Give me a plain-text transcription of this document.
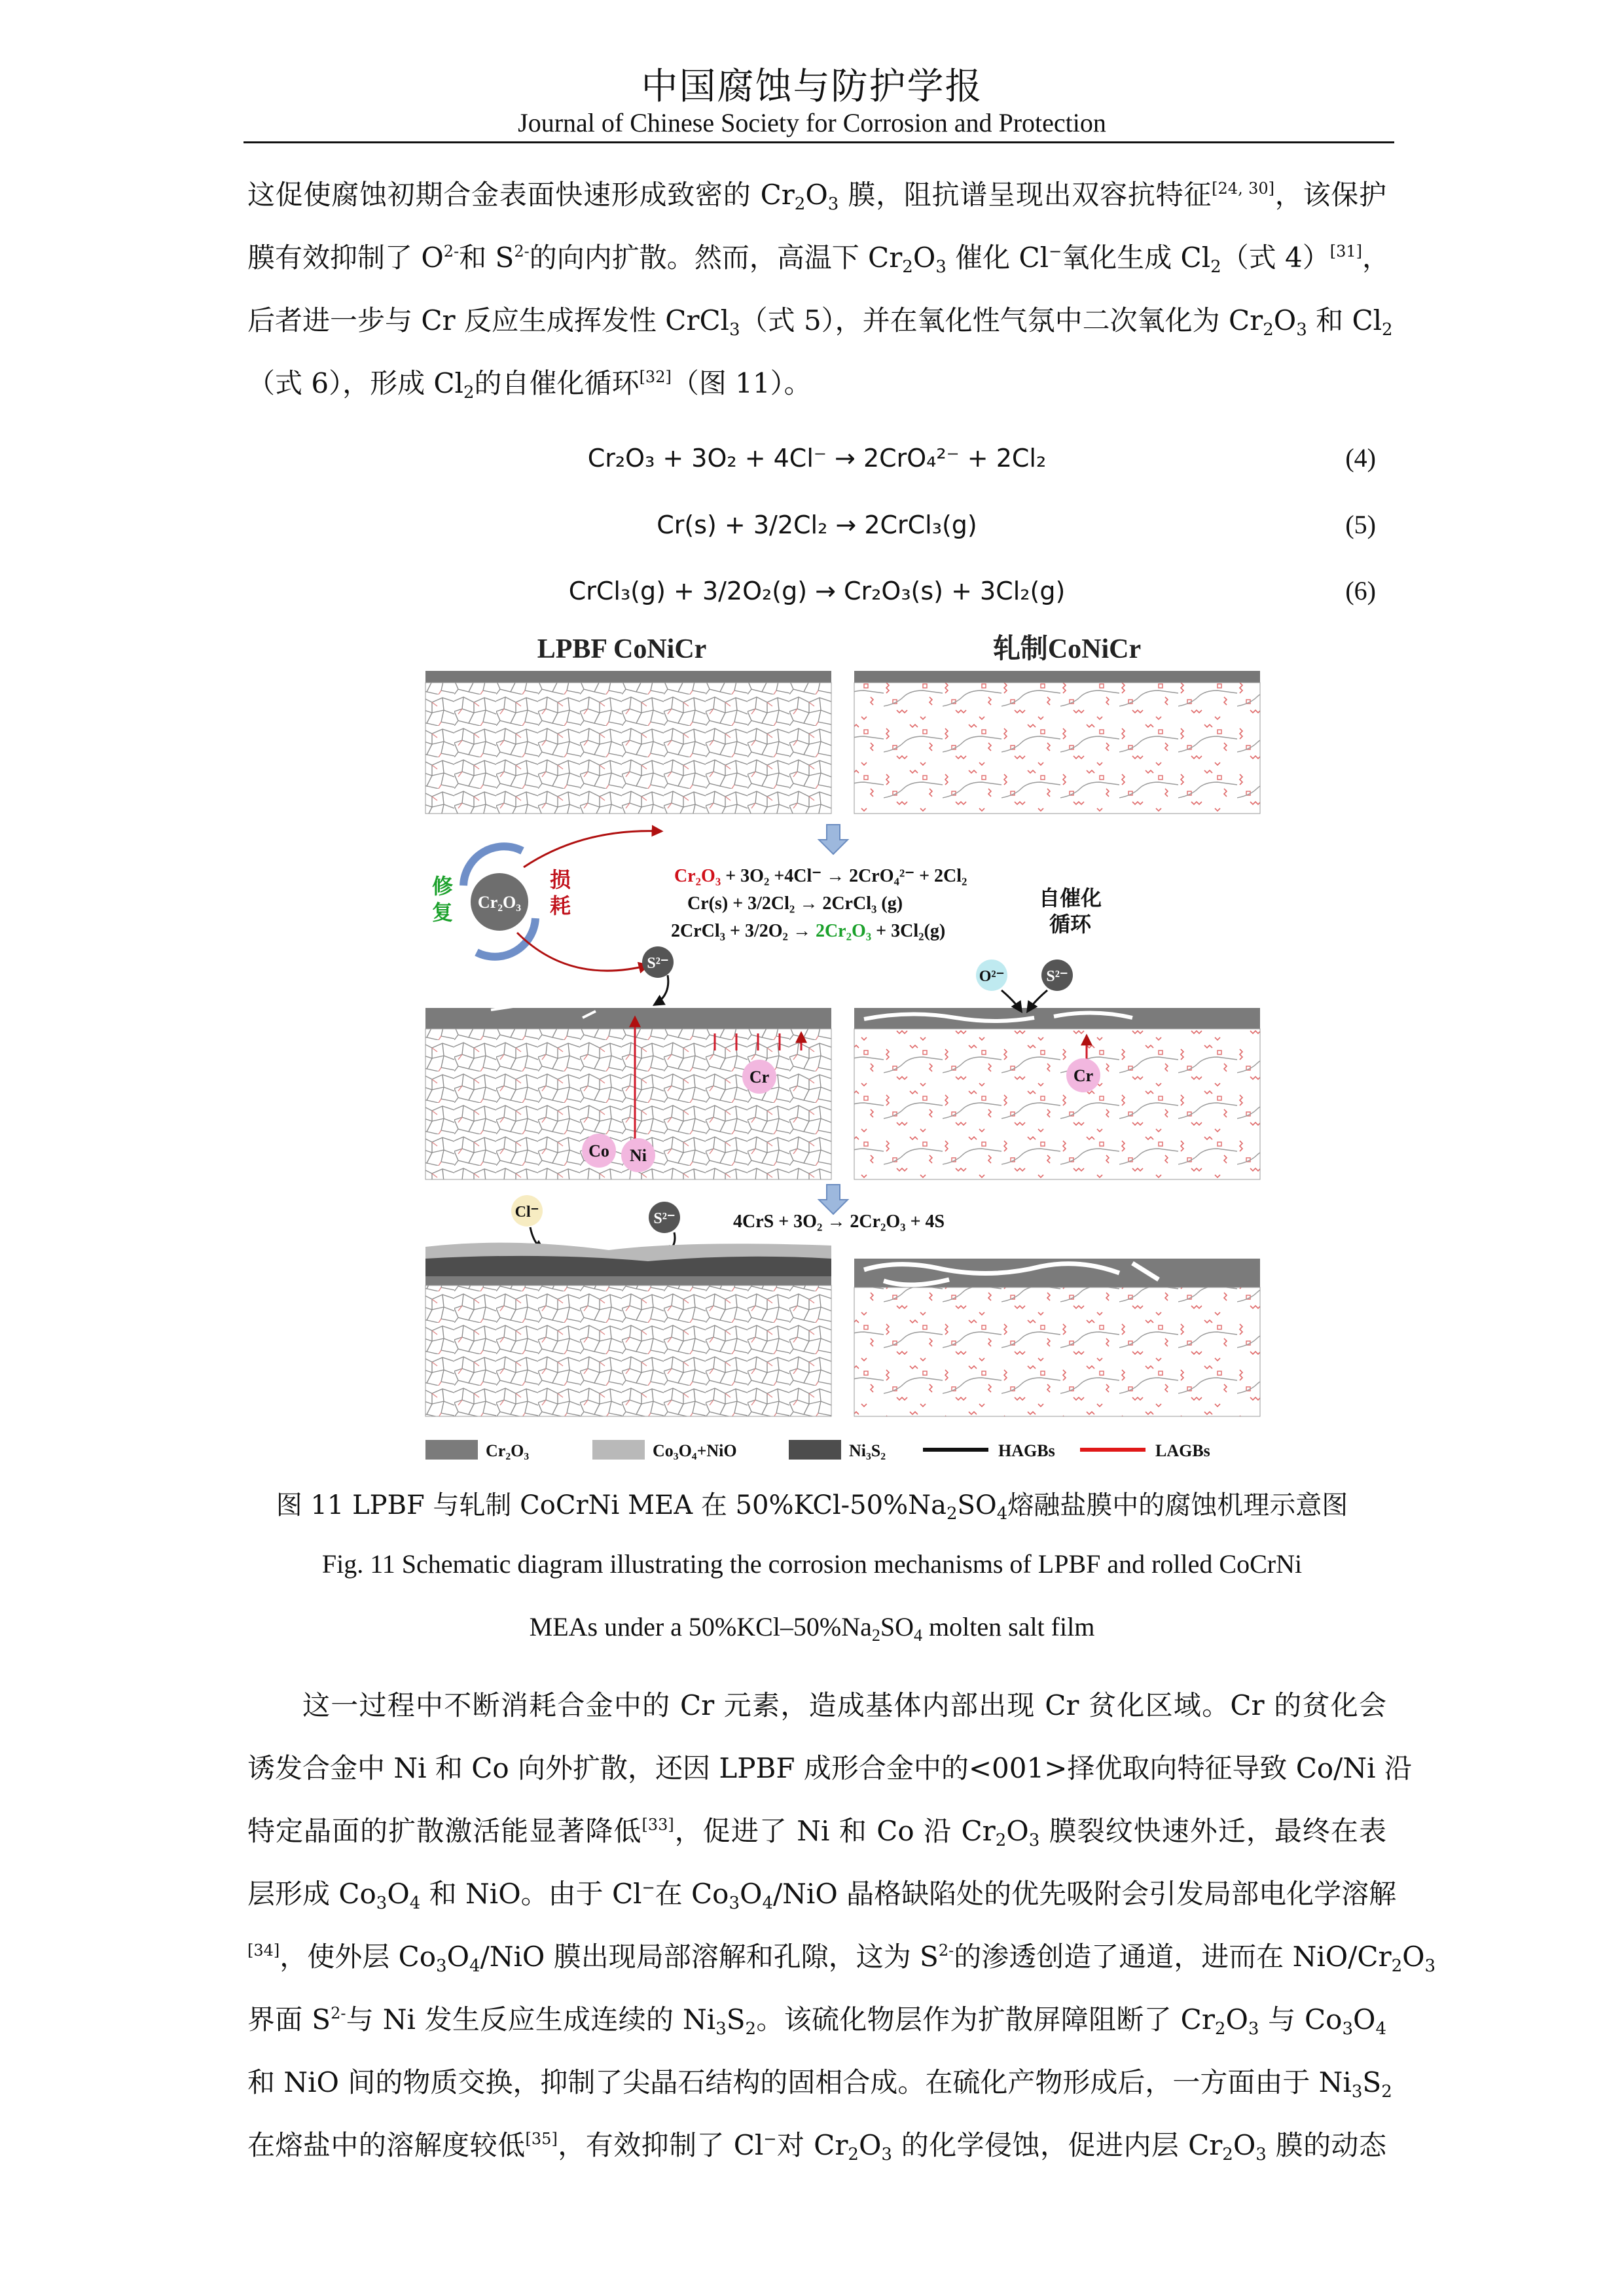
中国腐蚀与防护学报
Journal of Chinese Society for Corrosion and Protection
这促使腐蚀初期合金表面快速形成致密的 $Cr_2O_3$ 膜，阻抗谱呈现出双容抗特征[24, 30]，该保护
膜有效抑制了 $O^{2-}$和 $S^{2-}$的向内扩散。然而，高温下 $Cr_2O_3$ 催化 Cl−氧化生成 $Cl_2$（式 4）[31]，
后者进一步与 Cr 反应生成挥发性 CrCl$_3$（式 5），并在氧化性气氛中二次氧化为 $Cr_2O_3$ 和 $Cl_2$
（式 6），形成 $Cl_2$的自催化循环[32]（图 11）。
Cr₂O₃ + 3O₂ + 4Cl⁻ → 2CrO₄²⁻ + 2Cl₂	(4)
Cr(s) + 3/2Cl₂ → 2CrCl₃(g)	(5)
CrCl₃(g) + 3/2O₂(g) → Cr₂O₃(s) + 3Cl₂(g)	(6)
LPBF CoNiCr	轧制CoNiCr
Cr₂O₃
修
复
损
耗
Cr₂O₃ + 3O₂ +4Cl⁻ → 2CrO₄²⁻ + 2Cl₂
Cr(s) + 3/2Cl₂ → 2CrCl₃ (g)
2CrCl₃ + 3/2O₂ → 2Cr₂O₃ + 3Cl₂(g)
自催化
循环
S²⁻
O²⁻	S²⁻
Cr
Co Ni
Cr
Cl⁻	S²⁻	4CrS + 3O₂ → 2Cr₂O₃ + 4S
Cr₂O₃	Co₃O₄+NiO	Ni₃S₂	HAGBs	LAGBs
图 11 LPBF 与轧制 CoCrNi MEA 在 $50\%KCl-50\%Na_2SO_4$熔融盐膜中的腐蚀机理示意图
Fig. 11 Schematic diagram illustrating the corrosion mechanisms of LPBF and rolled CoCrNi
MEAs under a $50\%KCl-50\%Na_2SO_4$ molten salt film
这一过程中不断消耗合金中的 Cr 元素，造成基体内部出现 Cr 贫化区域。Cr 的贫化会
诱发合金中 Ni 和 Co 向外扩散，还因 LPBF 成形合金中的<001>择优取向特征导致 Co/Ni 沿
特定晶面的扩散激活能显著降低[33]，促进了 Ni 和 Co 沿 $Cr_2O_3$ 膜裂纹快速外迁，最终在表
层形成 $Co_3O_4$ 和 NiO。由于 Cl−在 $Co_3O_4$/NiO 晶格缺陷处的优先吸附会引发局部电化学溶解
[34]，使外层 $Co_3O_4$/NiO 膜出现局部溶解和孔隙，这为 $S^{2-}$的渗透创造了通道，进而在 NiO/$Cr_2O_3$
界面 $S^{2-}$与 Ni 发生反应生成连续的 $Ni_3S_2$。该硫化物层作为扩散屏障阻断了 $Cr_2O_3$ 与 $Co_3O_4$
和 NiO 间的物质交换，抑制了尖晶石结构的固相合成。在硫化产物形成后，一方面由于 $Ni_3S_2$
在熔盐中的溶解度较低[35]，有效抑制了 Cl−对 $Cr_2O_3$ 的化学侵蚀，促进内层 $Cr_2O_3$ 膜的动态
